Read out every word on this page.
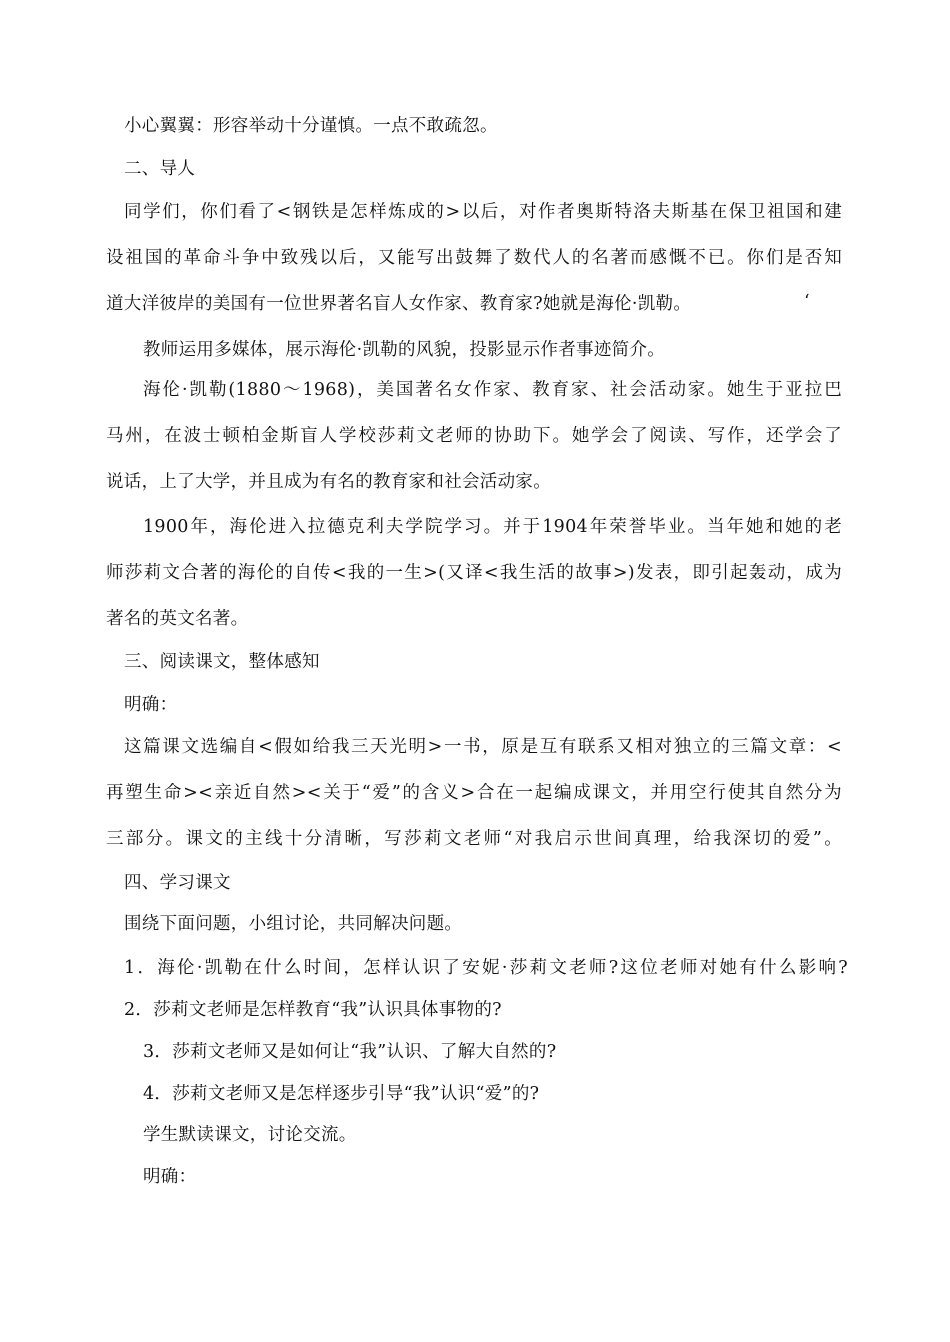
小心翼翼：形容举动十分谨慎。一点不敢疏忽。
二、导人
同学们，你们看了<钢铁是怎样炼成的>以后，对作者奥斯特洛夫斯基在保卫祖国和建
设祖国的革命斗争中致残以后，又能写出鼓舞了数代人的名著而感慨不已。你们是否知
道大洋彼岸的美国有一位世界著名盲人女作家、教育家?她就是海伦·凯勒。	‘
教师运用多媒体，展示海伦·凯勒的风貌，投影显示作者事迹简介。
海伦·凯勒(1880～1968)，美国著名女作家、教育家、社会活动家。她生于亚拉巴
马州，在波士顿柏金斯盲人学校莎莉文老师的协助下。她学会了阅读、写作，还学会了
说话，上了大学，并且成为有名的教育家和社会活动家。
1900年，海伦进入拉德克利夫学院学习。并于1904年荣誉毕业。当年她和她的老
师莎莉文合著的海伦的自传<我的一生>(又译<我生活的故事>)发表，即引起轰动，成为
著名的英文名著。
三、阅读课文，整体感知
明确：
这篇课文选编自<假如给我三天光明>一书，原是互有联系又相对独立的三篇文章：<
再塑生命><亲近自然><关于“爱”的含义>合在一起编成课文，并用空行使其自然分为
三部分。课文的主线十分清晰，写莎莉文老师“对我启示世间真理，给我深切的爱”。
四、学习课文
围绕下面问题，小组讨论，共同解决问题。
1．海伦·凯勒在什么时间，怎样认识了安妮·莎莉文老师?这位老师对她有什么影响?
2．莎莉文老师是怎样教育“我”认识具体事物的?
3．莎莉文老师又是如何让“我”认识、了解大自然的?
4．莎莉文老师又是怎样逐步引导“我”认识“爱”的?
学生默读课文，讨论交流。
明确：
